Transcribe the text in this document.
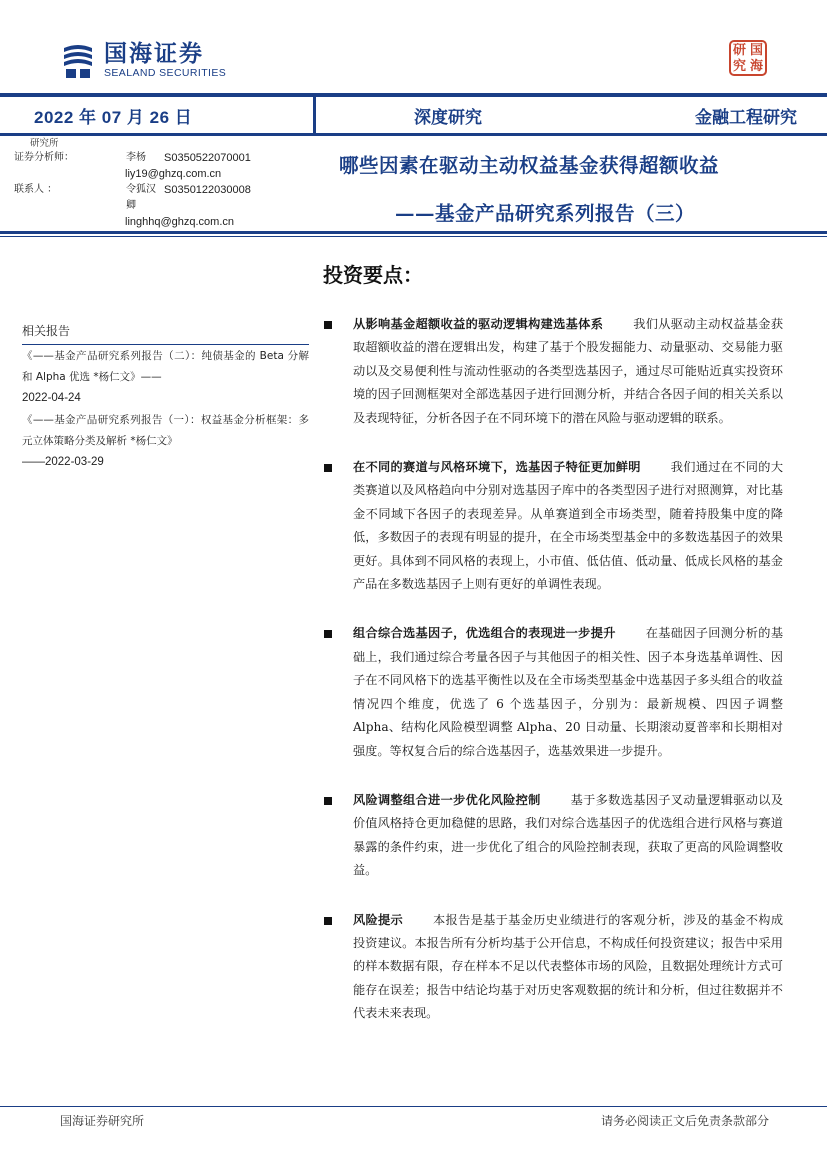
国海证券
SEALAND SECURITIES
研 国
究 海
2022 年 07 月 26 日	深度研究	金融工程研究
研究所
证券分析师：	李杨	S0350522070001
liy19@ghzq.com.cn
联系人 ：	令狐汉卿
S0350122030008
linghhq@ghzq.com.cn
哪些因素在驱动主动权益基金获得超额收益
——基金产品研究系列报告（三）
投资要点：
相关报告
《——基金产品研究系列报告（二）：纯债基金的 Beta 分解和 Alpha 优选 *杨仁文》——
2022-04-24
《——基金产品研究系列报告（一）：权益基金分析框架：多元立体策略分类及解析 *杨仁文》
——2022-03-29
从影响基金超额收益的驱动逻辑构建选基体系 我们从驱动主动权益基金获取超额收益的潜在逻辑出发，构建了基于个股发掘能力、动量驱动、交易能力驱动以及交易便利性与流动性驱动的各类型选基因子，通过尽可能贴近真实投资环境的因子回测框架对全部选基因子进行回测分析，并结合各因子间的相关关系以及表现特征，分析各因子在不同环境下的潜在风险与驱动逻辑的联系。
在不同的赛道与风格环境下，选基因子特征更加鲜明 我们通过在不同的大类赛道以及风格趋向中分别对选基因子库中的各类型因子进行对照测算，对比基金不同域下各因子的表现差异。从单赛道到全市场类型，随着持股集中度的降低，多数因子的表现有明显的提升，在全市场类型基金中的多数选基因子的效果更好。具体到不同风格的表现上，小市值、低估值、低动量、低成长风格的基金产品在多数选基因子上则有更好的单调性表现。
组合综合选基因子，优选组合的表现进一步提升 在基础因子回测分析的基础上，我们通过综合考量各因子与其他因子的相关性、因子本身选基单调性、因子在不同风格下的选基平衡性以及在全市场类型基金中选基因子多头组合的收益情况四个维度，优选了 6 个选基因子，分别为：最新规模、四因子调整 Alpha、结构化风险模型调整 Alpha、20 日动量、长期滚动夏普率和长期相对强度。等权复合后的综合选基因子，选基效果进一步提升。
风险调整组合进一步优化风险控制 基于多数选基因子叉动量逻辑驱动以及价值风格持仓更加稳健的思路，我们对综合选基因子的优选组合进行风格与赛道暴露的条件约束，进一步优化了组合的风险控制表现，获取了更高的风险调整收益。
风险提示 本报告是基于基金历史业绩进行的客观分析，涉及的基金不构成投资建议。本报告所有分析均基于公开信息，不构成任何投资建议；报告中采用的样本数据有限，存在样本不足以代表整体市场的风险，且数据处理统计方式可能存在误差；报告中结论均基于对历史客观数据的统计和分析，但过往数据并不代表未来表现。
国海证券研究所	请务必阅读正文后免责条款部分
